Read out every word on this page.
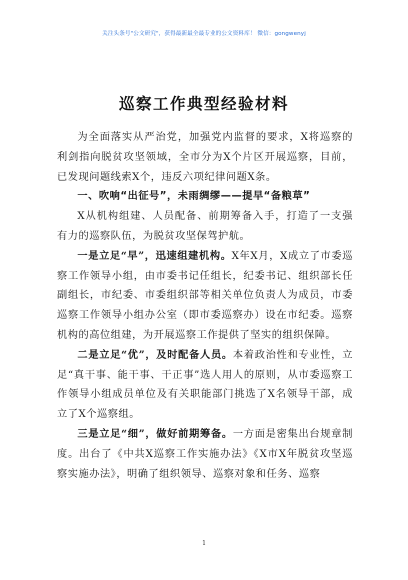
关注头条号"公文研究"，获得最新最全最专业的公文资料库！ 微信：gongwenyj
巡察工作典型经验材料

为全面落实从严治党，加强党内监督的要求，X将巡察的利剑指向脱贫攻坚领域，全市分为X个片区开展巡察，目前，已发现问题线索X个，违反六项纪律问题X条。

一、吹响“出征号”，未雨绸缪——提早“备粮草”

X从机构组建、人员配备、前期筹备入手，打造了一支强有力的巡察队伍，为脱贫攻坚保驾护航。

一是立足“早”，迅速组建机构。X年X月，X成立了市委巡察工作领导小组，由市委书记任组长，纪委书记、组织部长任副组长，市纪委、市委组织部等相关单位负责人为成员，市委巡察工作领导小组办公室（即市委巡察办）设在市纪委。巡察机构的高位组建，为开展巡察工作提供了坚实的组织保障。

二是立足“优”，及时配备人员。本着政治性和专业性，立足“真干事、能干事、干正事”选人用人的原则，从市委巡察工作领导小组成员单位及有关职能部门挑选了X名领导干部，成立了X个巡察组。

三是立足“细”，做好前期筹备。一方面是密集出台规章制度。出台了《中共X巡察工作实施办法》《X市X年脱贫攻坚巡察实施办法》，明确了组织领导、巡察对象和任务、巡察

1
